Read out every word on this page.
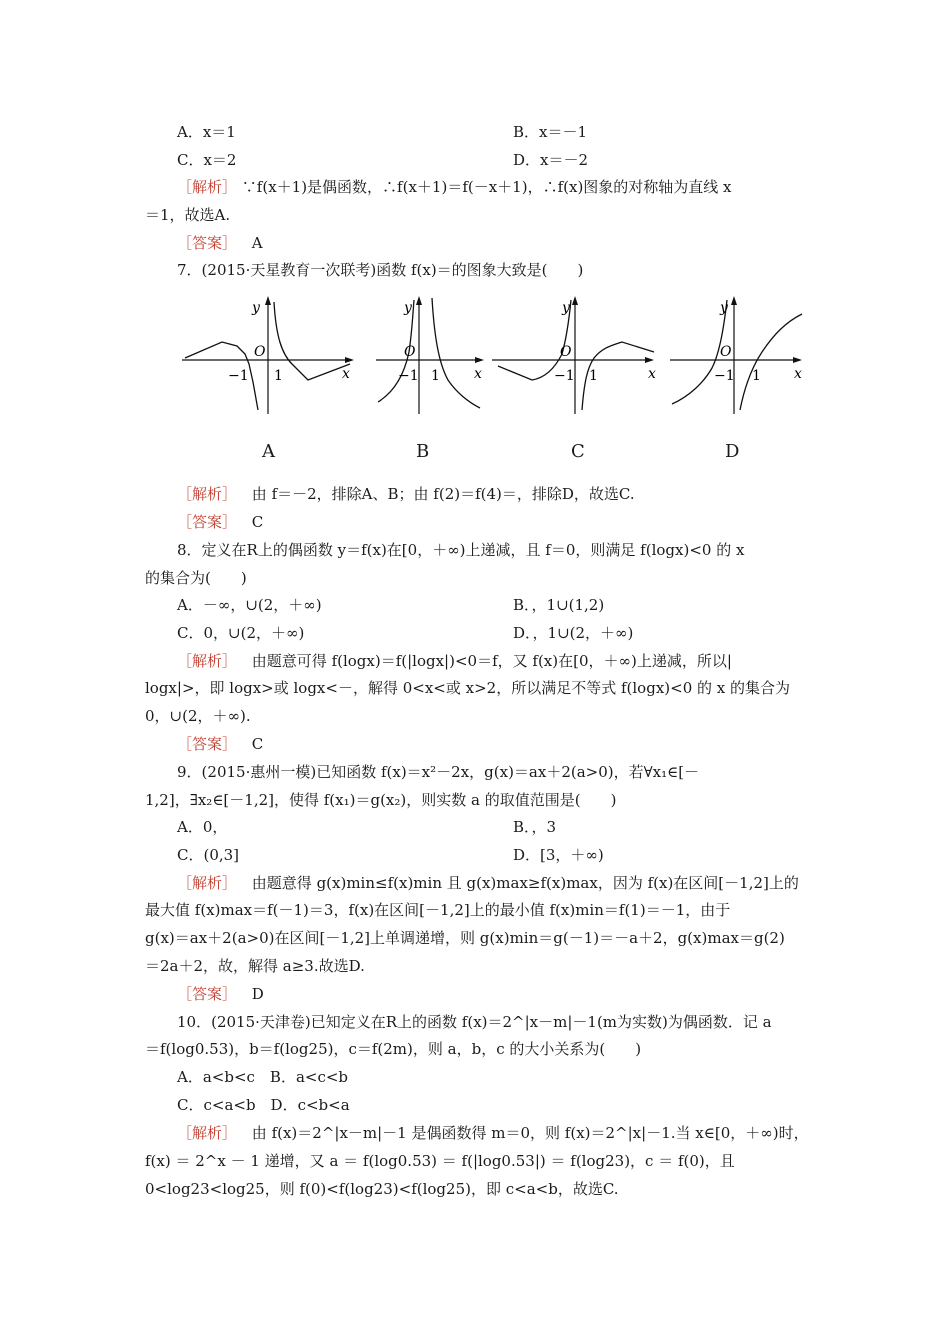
A．x＝1	B．x＝－1
C．x＝2	D．x＝－2
［解析］ ∵f(x＋1)是偶函数，∴f(x＋1)＝f(－x＋1)，∴f(x)图象的对称轴为直线 x
＝1，故选A.
［答案］ A
7．(2015·天星教育一次联考)函数 f(x)＝的图象大致是(　　)
y
x
O
−1 1
A
y
x
O
−1 1
B
y
x
O
−1 1
C
y
x
O
−1 1
D
［解析］ 由 f＝－2，排除A、B；由 f(2)＝f(4)＝，排除D，故选C.
［答案］ C
8．定义在R上的偶函数 y＝f(x)在[0，＋∞)上递减，且 f＝0，则满足 f(logx)<0 的 x
的集合为(　　)
A．－∞，∪(2，＋∞)	B．，1∪(1,2)
C．0，∪(2，＋∞)	D．，1∪(2，＋∞)
［解析］ 由题意可得 f(logx)＝f(|logx|)<0＝f，又 f(x)在[0，＋∞)上递减，所以|
logx|>，即 logx>或 logx<－，解得 0<x<或 x>2，所以满足不等式 f(logx)<0 的 x 的集合为
0，∪(2，＋∞).
［答案］ C
9．(2015·惠州一模)已知函数 f(x)＝x²－2x，g(x)＝ax＋2(a>0)，若∀x₁∈[－
1,2]，∃x₂∈[－1,2]，使得 f(x₁)＝g(x₂)，则实数 a 的取值范围是(　　)
A．0，	B．，3
C．(0,3]	D．[3，＋∞)
［解析］ 由题意得 g(x)min≤f(x)min 且 g(x)max≥f(x)max，因为 f(x)在区间[－1,2]上的
最大值 f(x)max＝f(－1)＝3，f(x)在区间[－1,2]上的最小值 f(x)min＝f(1)＝－1，由于
g(x)＝ax＋2(a>0)在区间[－1,2]上单调递增，则 g(x)min＝g(－1)＝－a＋2，g(x)max＝g(2)
＝2a＋2，故，解得 a≥3.故选D.
［答案］ D
10．(2015·天津卷)已知定义在R上的函数 f(x)＝2^|x－m|－1(m为实数)为偶函数．记 a
＝f(log0.53)，b＝f(log25)，c＝f(2m)，则 a，b，c 的大小关系为(　　)
A．a<b<c　B．a<c<b
C．c<a<b　D．c<b<a
［解析］ 由 f(x)＝2^|x－m|－1 是偶函数得 m＝0，则 f(x)＝2^|x|－1.当 x∈[0，＋∞)时，
f(x) ＝ 2^x － 1 递增，又 a ＝ f(log0.53) ＝ f(|log0.53|) ＝ f(log23)，c ＝ f(0)，且
0<log23<log25，则 f(0)<f(log23)<f(log25)，即 c<a<b，故选C.
